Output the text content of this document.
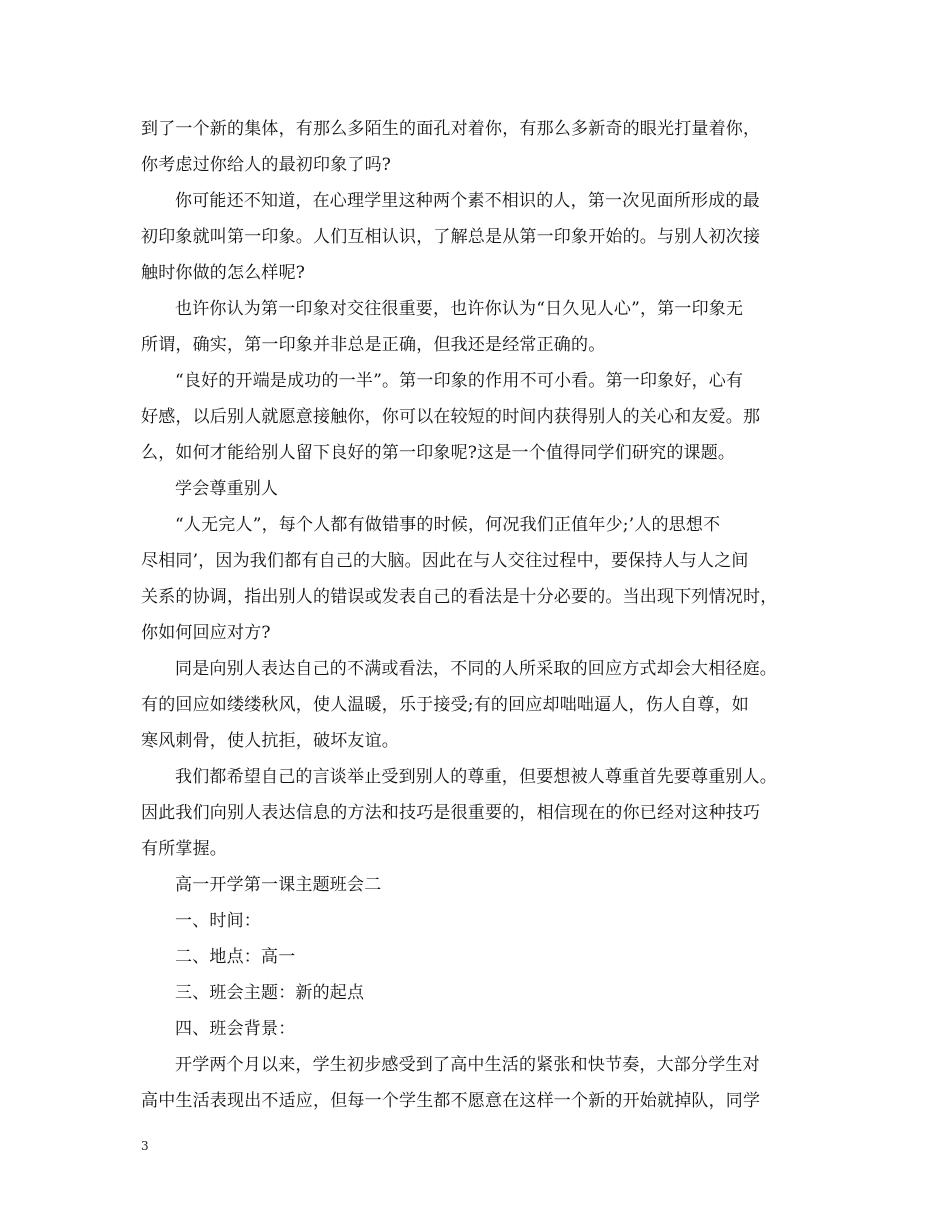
到了一个新的集体，有那么多陌生的面孔对着你，有那么多新奇的眼光打量着你，
你考虑过你给人的最初印象了吗?
你可能还不知道，在心理学里这种两个素不相识的人，第一次见面所形成的最
初印象就叫第一印象。人们互相认识，了解总是从第一印象开始的。与别人初次接
触时你做的怎么样呢?
也许你认为第一印象对交往很重要，也许你认为“日久见人心”，第一印象无
所谓，确实，第一印象并非总是正确，但我还是经常正确的。
“良好的开端是成功的一半”。第一印象的作用不可小看。第一印象好，心有
好感，以后别人就愿意接触你，你可以在较短的时间内获得别人的关心和友爱。那
么，如何才能给别人留下良好的第一印象呢?这是一个值得同学们研究的课题。
学会尊重别人
“人无完人”，每个人都有做错事的时候，何况我们正值年少;’人的思想不
尽相同’，因为我们都有自己的大脑。因此在与人交往过程中，要保持人与人之间
关系的协调，指出别人的错误或发表自己的看法是十分必要的。当出现下列情况时，
你如何回应对方?
同是向别人表达自己的不满或看法，不同的人所采取的回应方式却会大相径庭。
有的回应如缕缕秋风，使人温暖，乐于接受;有的回应却咄咄逼人，伤人自尊，如
寒风刺骨，使人抗拒，破坏友谊。
我们都希望自己的言谈举止受到别人的尊重，但要想被人尊重首先要尊重别人。
因此我们向别人表达信息的方法和技巧是很重要的，相信现在的你已经对这种技巧
有所掌握。
高一开学第一课主题班会二
一、时间：
二、地点：高一
三、班会主题：新的起点
四、班会背景：
开学两个月以来，学生初步感受到了高中生活的紧张和快节奏，大部分学生对
高中生活表现出不适应，但每一个学生都不愿意在这样一个新的开始就掉队，同学
3
